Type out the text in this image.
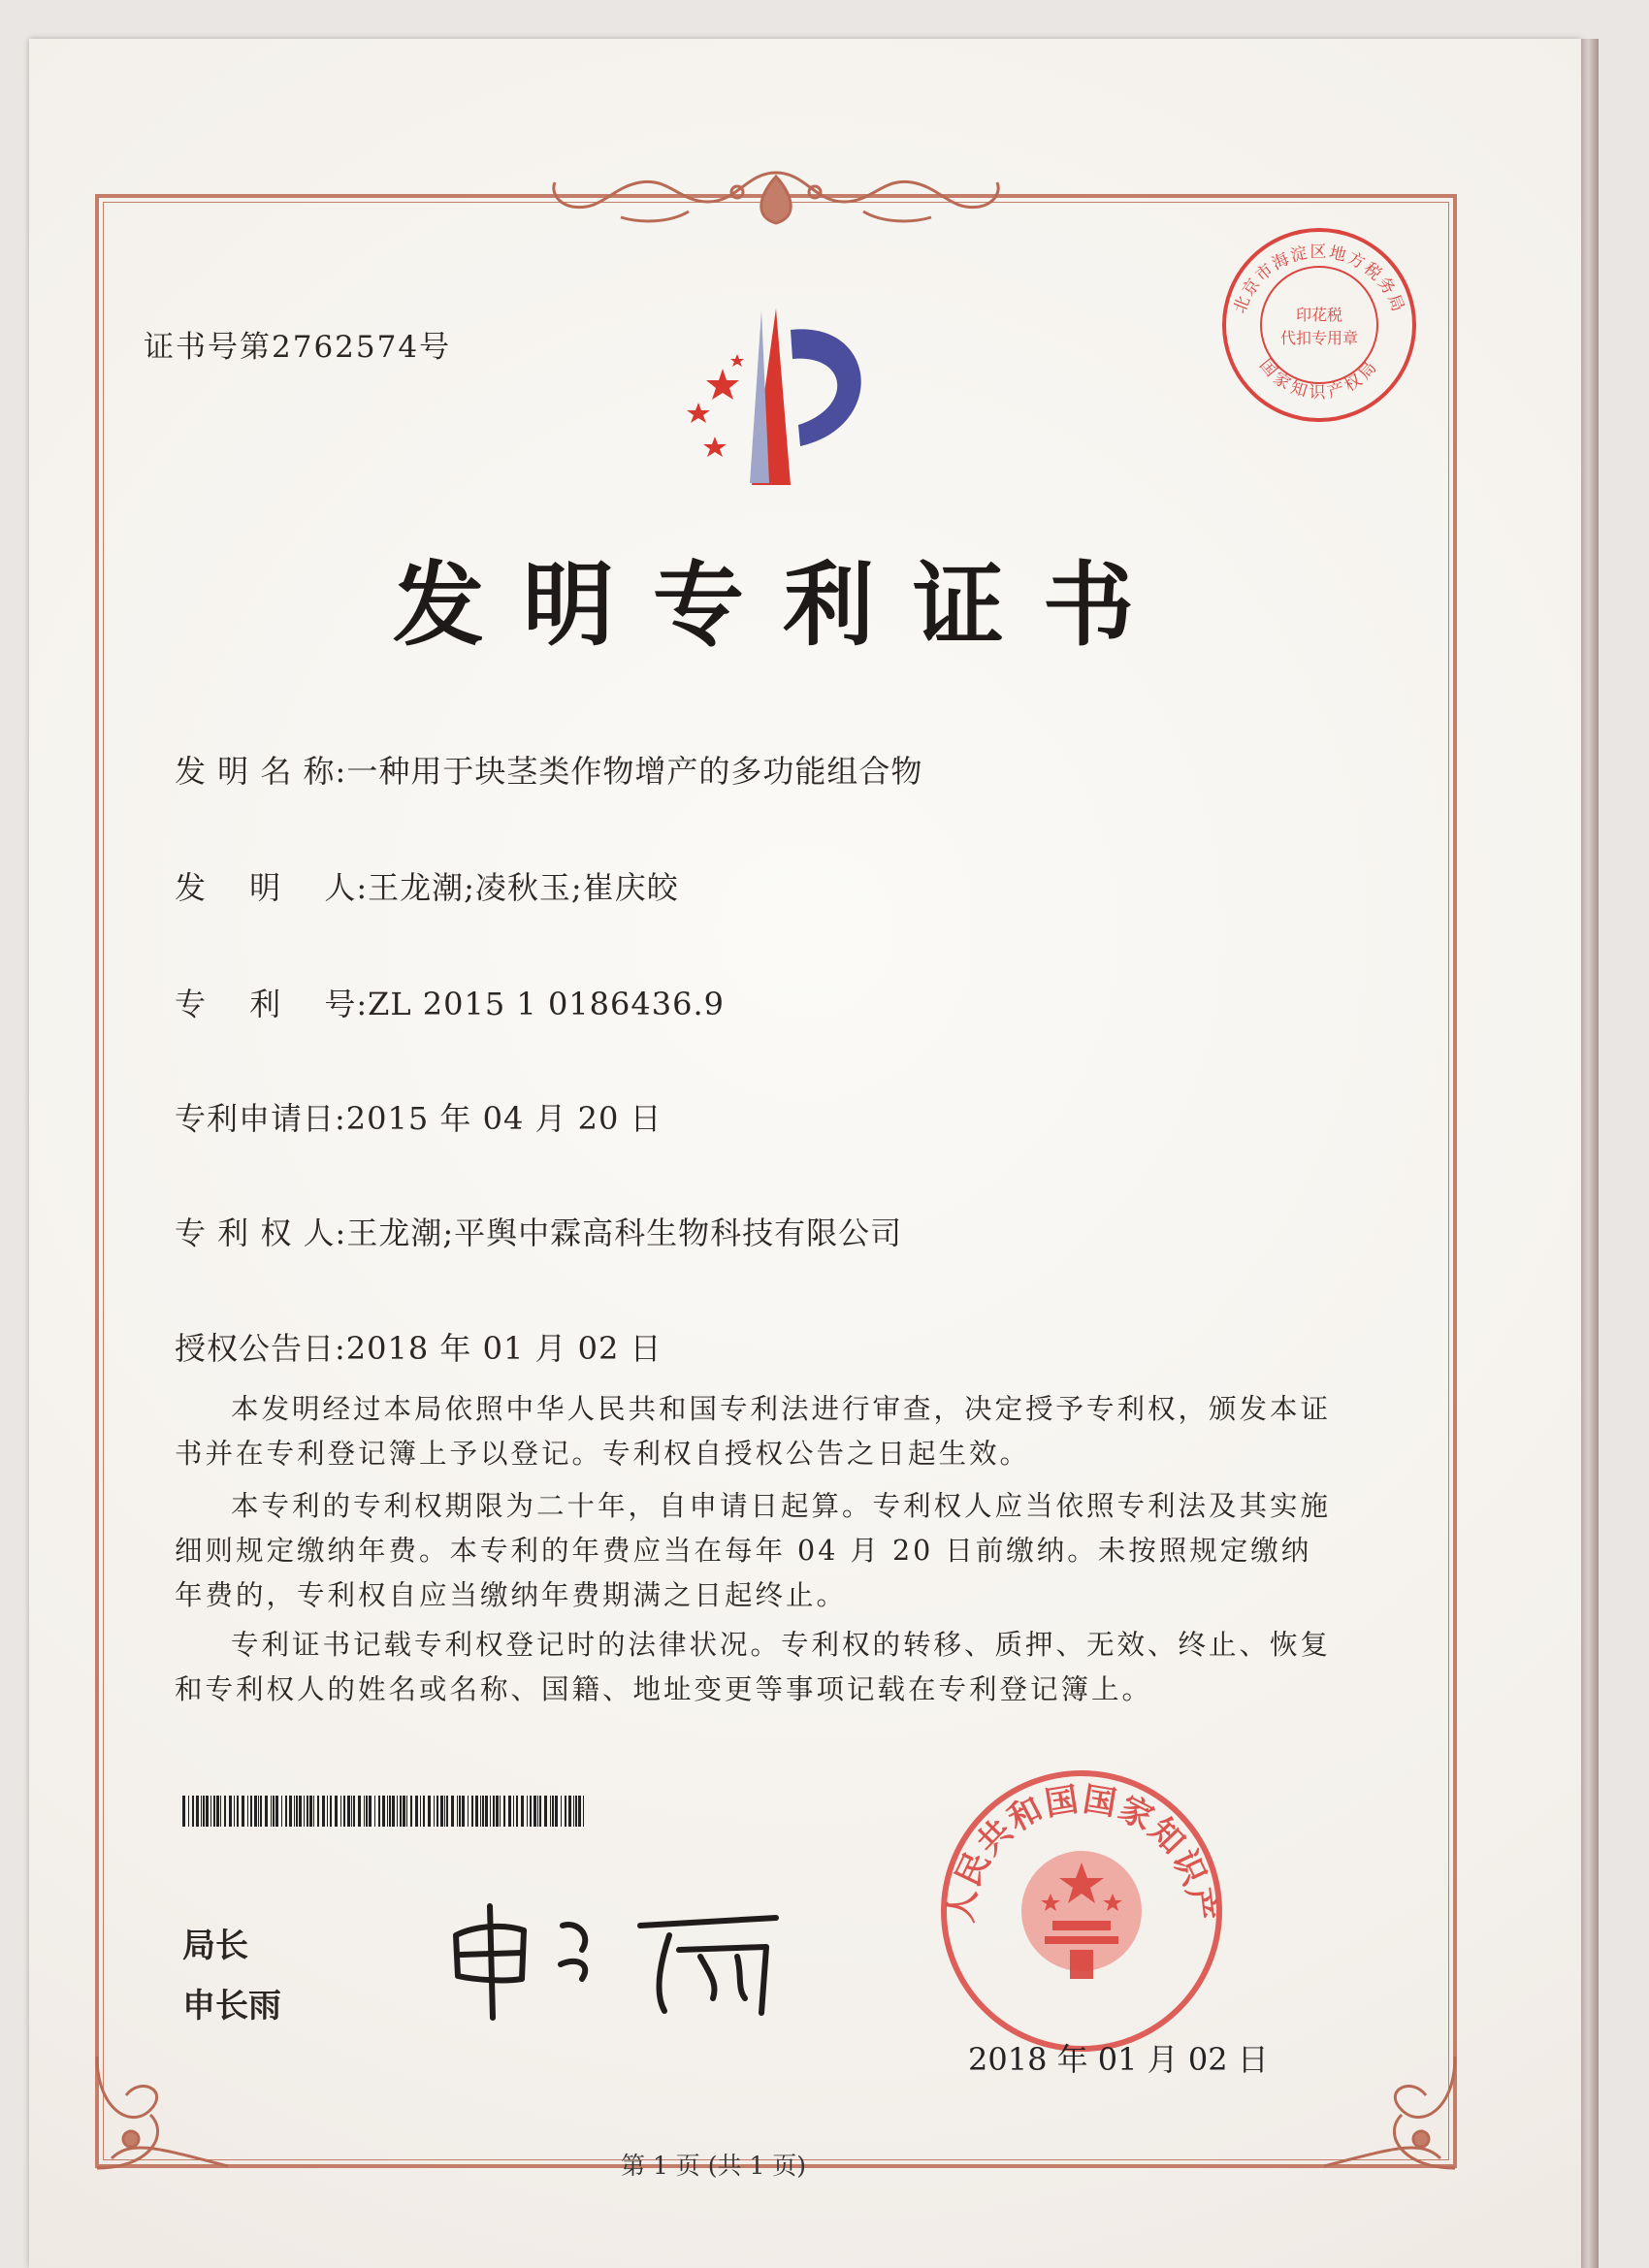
北京市海淀区地方税务局
国家知识产权局
印花税
代扣专用章
证书号第2762574号
发明专利证书
发 明 名 称:一种用于块茎类作物增产的多功能组合物
发　 明　 人:王龙潮;凌秋玉;崔庆皎
专　 利　 号:ZL 2015 1 0186436.9
专利申请日:2015 年 04 月 20 日
专 利 权 人:王龙潮;平舆中霖高科生物科技有限公司
授权公告日:2018 年 01 月 02 日
本发明经过本局依照中华人民共和国专利法进行审查，决定授予专利权，颁发本证书并在专利登记簿上予以登记。专利权自授权公告之日起生效。
本专利的专利权期限为二十年，自申请日起算。专利权人应当依照专利法及其实施细则规定缴纳年费。本专利的年费应当在每年 04 月 20 日前缴纳。未按照规定缴纳年费的，专利权自应当缴纳年费期满之日起终止。
专利证书记载专利权登记时的法律状况。专利权的转移、质押、无效、终止、恢复和专利权人的姓名或名称、国籍、地址变更等事项记载在专利登记簿上。
局长
申长雨
人民共和国国家知识产
2018 年 01 月 02 日
第 1 页 (共 1 页)
